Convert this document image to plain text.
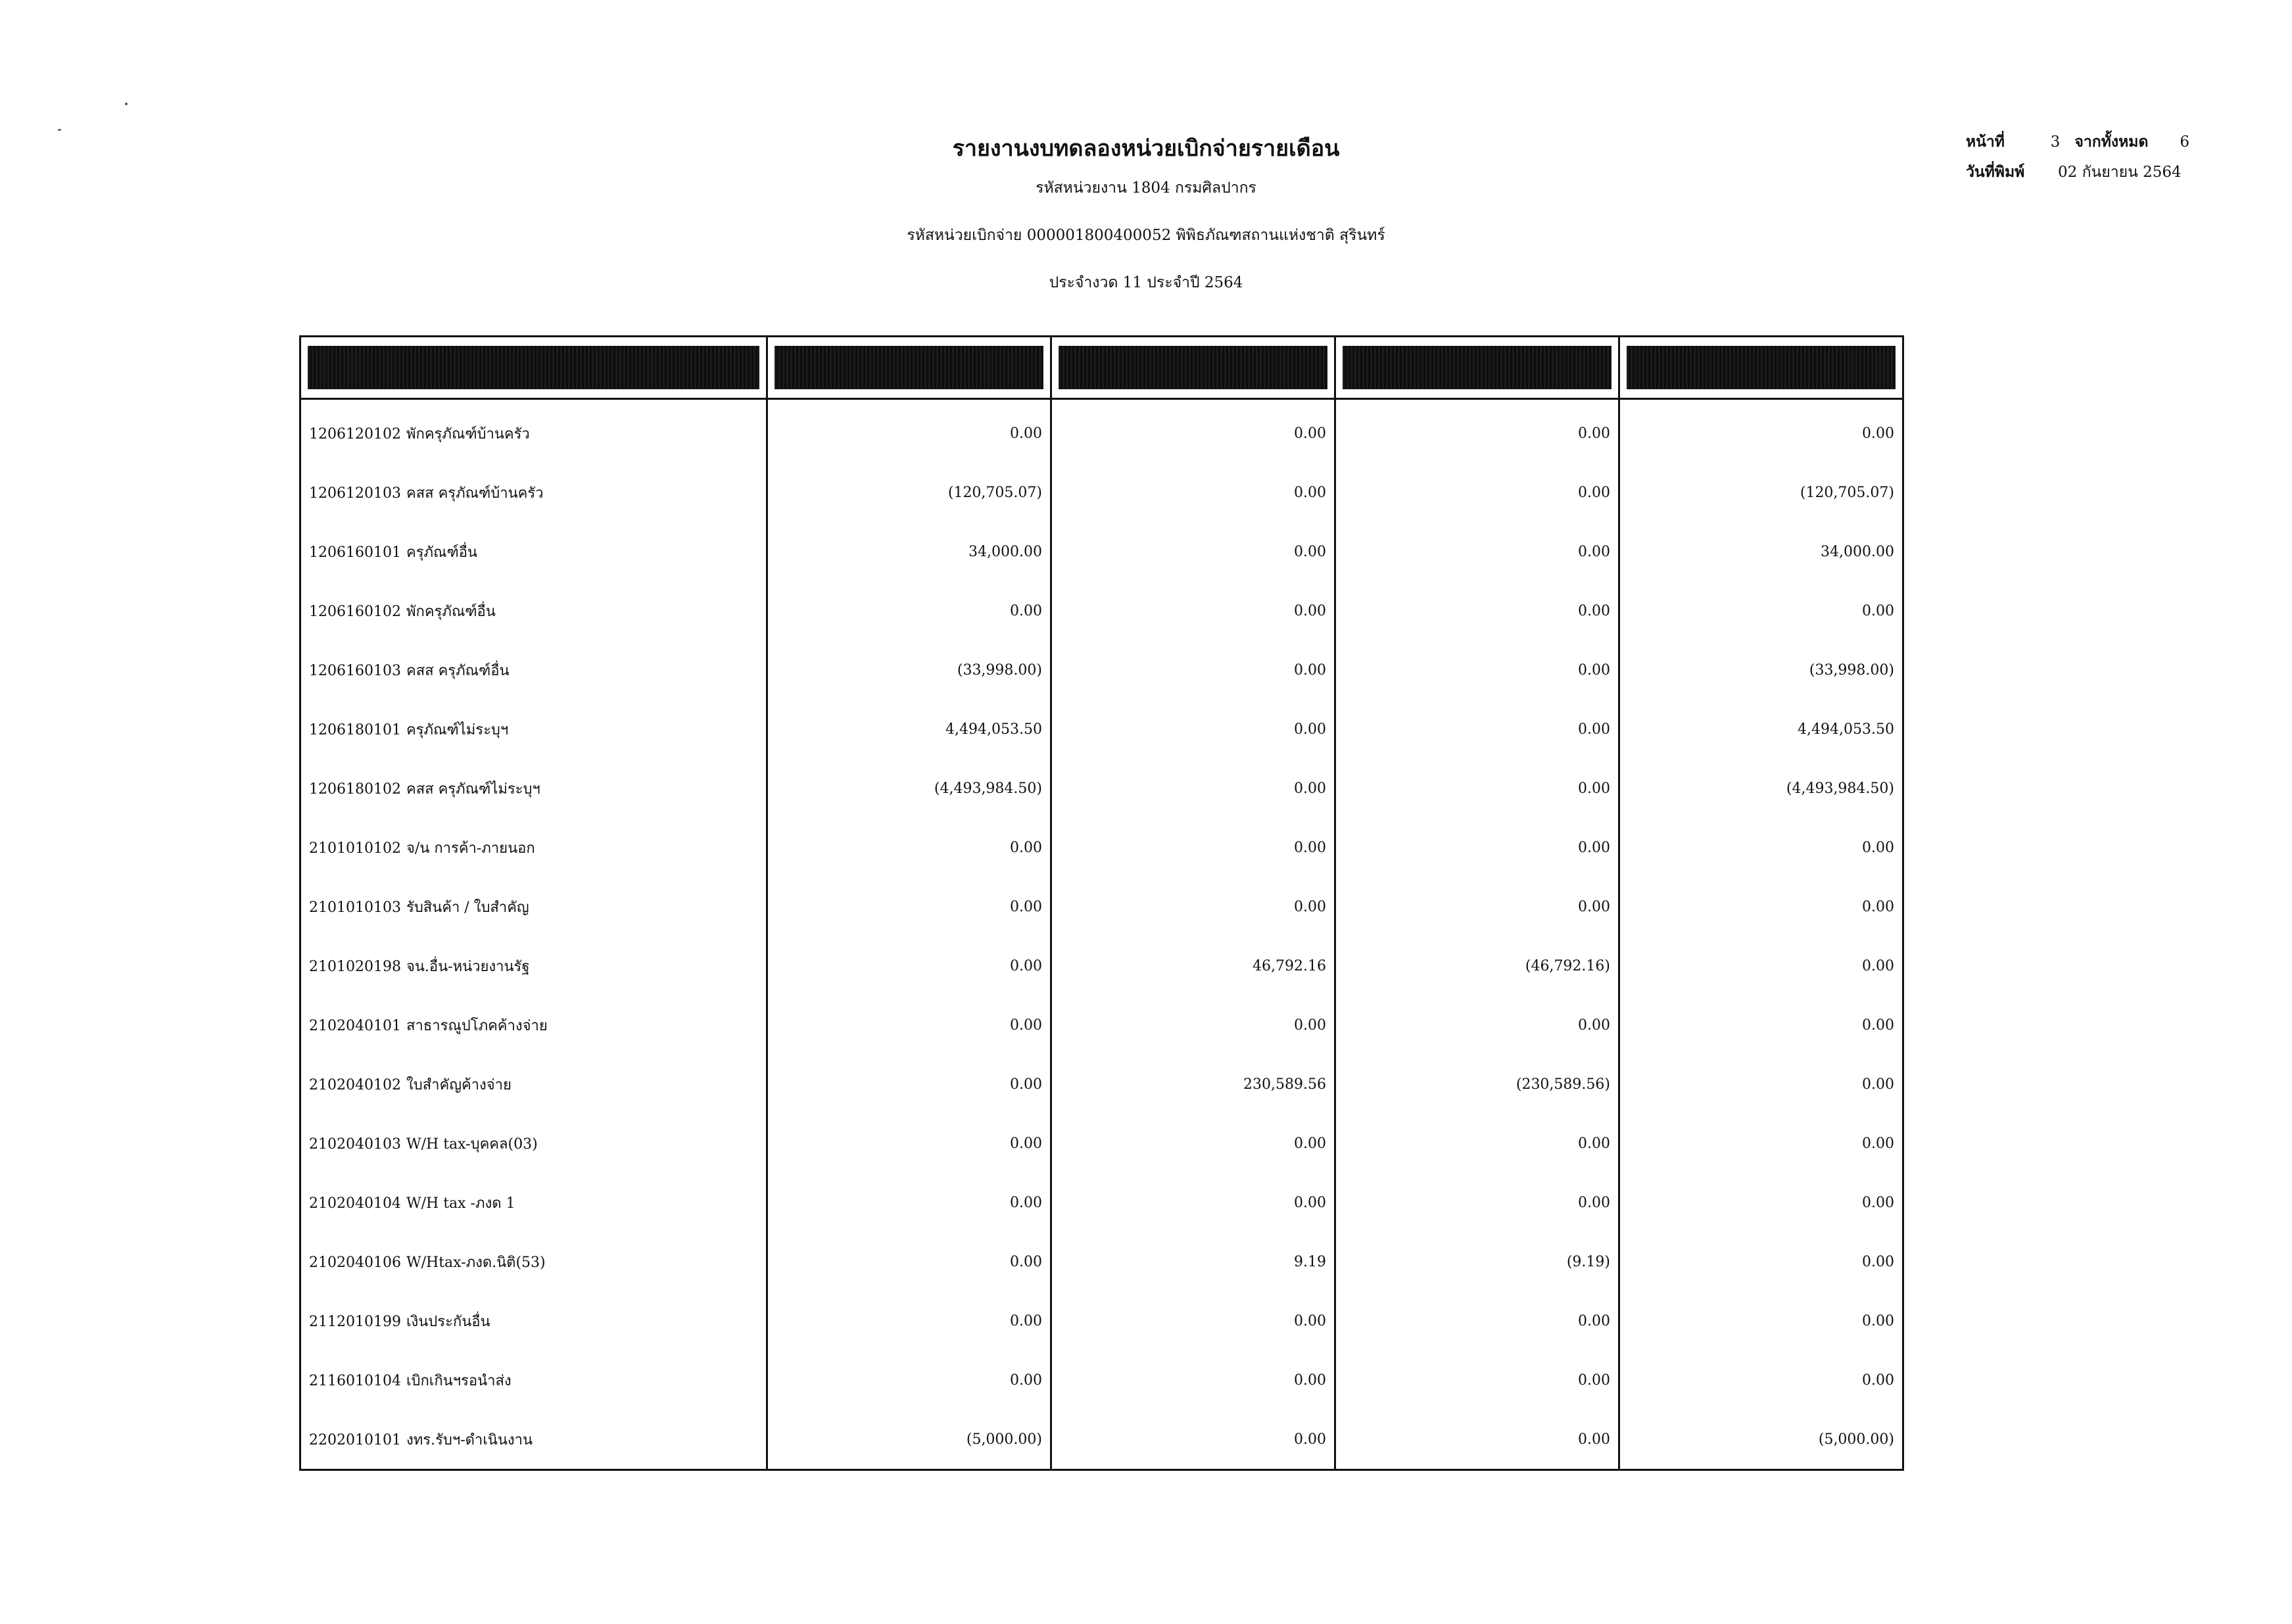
รายงานงบทดลองหน่วยเบิกจ่ายรายเดือน
รหัสหน่วยงาน 1804 กรมศิลปากร
รหัสหน่วยเบิกจ่าย 000001800400052 พิพิธภัณฑสถานแห่งชาติ สุรินทร์
ประจำงวด 11 ประจำปี 2564
หน้าที่	3 จากทั้งหมด	6
วันที่พิมพ์	02 กันยายน 2564

1206120102 พักครุภัณฑ์บ้านครัว	0.00	0.00	0.00	0.00
1206120103 คสส ครุภัณฑ์บ้านครัว	(120,705.07)	0.00	0.00	(120,705.07)
1206160101 ครุภัณฑ์อื่น	34,000.00	0.00	0.00	34,000.00
1206160102 พักครุภัณฑ์อื่น	0.00	0.00	0.00	0.00
1206160103 คสส ครุภัณฑ์อื่น	(33,998.00)	0.00	0.00	(33,998.00)
1206180101 ครุภัณฑ์ไม่ระบุฯ	4,494,053.50	0.00	0.00	4,494,053.50
1206180102 คสส ครุภัณฑ์ไม่ระบุฯ	(4,493,984.50)	0.00	0.00	(4,493,984.50)
2101010102 จ/น การค้า-ภายนอก	0.00	0.00	0.00	0.00
2101010103 รับสินค้า / ใบสำคัญ	0.00	0.00	0.00	0.00
2101020198 จน.อื่น-หน่วยงานรัฐ	0.00	46,792.16	(46,792.16)	0.00
2102040101 สาธารณูปโภคค้างจ่าย	0.00	0.00	0.00	0.00
2102040102 ใบสำคัญค้างจ่าย	0.00	230,589.56	(230,589.56)	0.00
2102040103 W/H tax-บุคคล(03)	0.00	0.00	0.00	0.00
2102040104 W/H tax -ภงด 1	0.00	0.00	0.00	0.00
2102040106 W/Htax-ภงด.นิติ(53)	0.00	9.19	(9.19)	0.00
2112010199 เงินประกันอื่น	0.00	0.00	0.00	0.00
2116010104 เบิกเกินฯรอนำส่ง	0.00	0.00	0.00	0.00
2202010101 งทร.รับฯ-ดำเนินงาน	(5,000.00)	0.00	0.00	(5,000.00)
